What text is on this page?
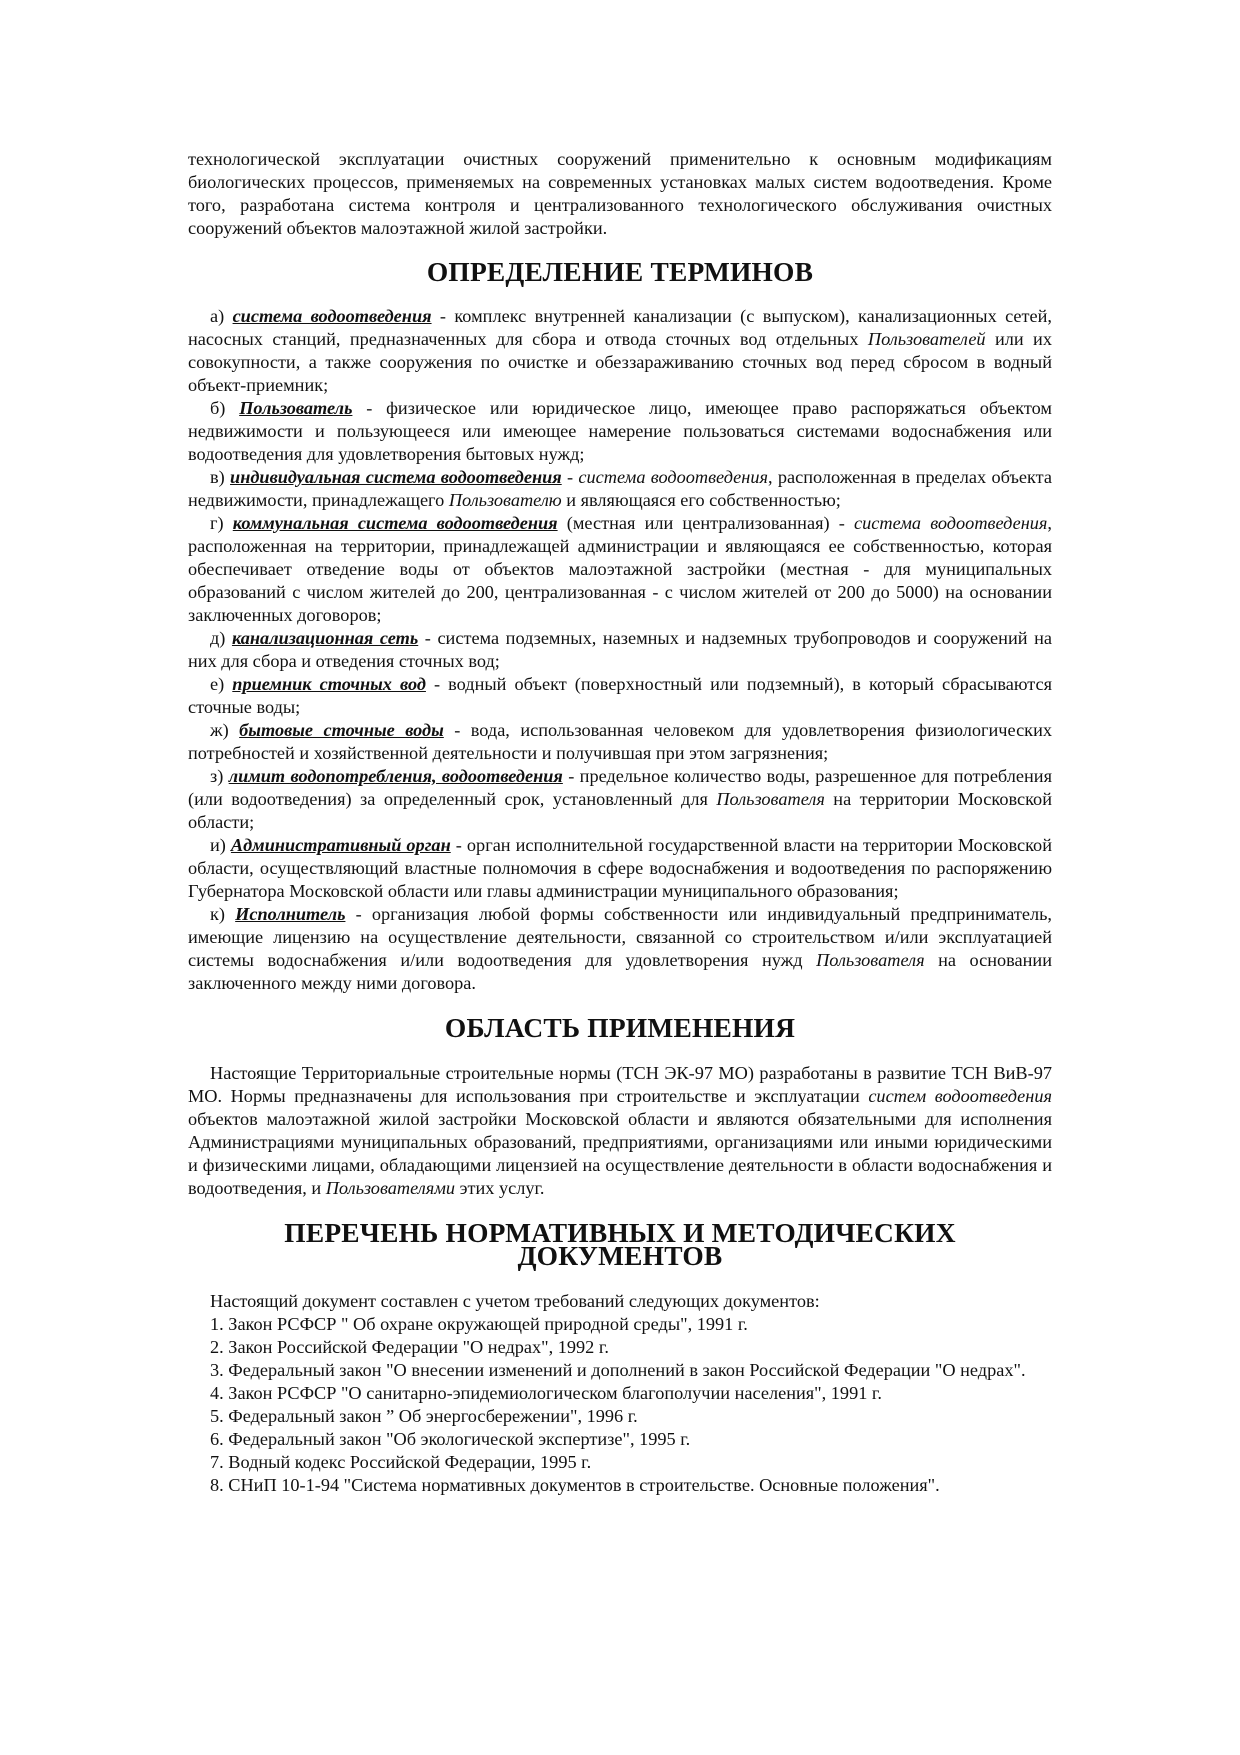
технологической эксплуатации очистных сооружений применительно к основным модификациям биологических процессов, применяемых на современных установках малых систем водоотведения. Кроме того, разработана система контроля и централизованного технологического обслуживания очистных сооружений объектов малоэтажной жилой застройки.

ОПРЕДЕЛЕНИЕ ТЕРМИНОВ

а) система водоотведения - комплекс внутренней канализации (с выпуском), канализационных сетей, насосных станций, предназначенных для сбора и отвода сточных вод отдельных Пользователей или их совокупности, а также сооружения по очистке и обеззараживанию сточных вод перед сбросом в водный объект-приемник;

б) Пользователь - физическое или юридическое лицо, имеющее право распоряжаться объектом недвижимости и пользующееся или имеющее намерение пользоваться системами водоснабжения или водоотведения для удовлетворения бытовых нужд;

в) индивидуальная система водоотведения - система водоотведения, расположенная в пределах объекта недвижимости, принадлежащего Пользователю и являющаяся его собственностью;

г) коммунальная система водоотведения (местная или централизованная) - система водоотведения, расположенная на территории, принадлежащей администрации и являющаяся ее собственностью, которая обеспечивает отведение воды от объектов малоэтажной застройки (местная - для муниципальных образований с числом жителей до 200, централизованная - с числом жителей от 200 до 5000) на основании заключенных договоров;

д) канализационная сеть - система подземных, наземных и надземных трубопроводов и сооружений на них для сбора и отведения сточных вод;

е) приемник сточных вод - водный объект (поверхностный или подземный), в который сбрасываются сточные воды;

ж) бытовые сточные воды - вода, использованная человеком для удовлетворения физиологических потребностей и хозяйственной деятельности и получившая при этом загрязнения;

з) лимит водопотребления, водоотведения - предельное количество воды, разрешенное для потребления (или водоотведения) за определенный срок, установленный для Пользователя на территории Московской области;

и) Административный орган - орган исполнительной государственной власти на территории Московской области, осуществляющий властные полномочия в сфере водоснабжения и водоотведения по распоряжению Губернатора Московской области или главы администрации муниципального образования;

к) Исполнитель - организация любой формы собственности или индивидуальный предприниматель, имеющие лицензию на осуществление деятельности, связанной со строительством и/или эксплуатацией системы водоснабжения и/или водоотведения для удовлетворения нужд Пользователя на основании заключенного между ними договора.

ОБЛАСТЬ ПРИМЕНЕНИЯ

Настоящие Территориальные строительные нормы (ТСН ЭК-97 МО) разработаны в развитие ТСН ВиВ-97 МО. Нормы предназначены для использования при строительстве и эксплуатации систем водоотведения объектов малоэтажной жилой застройки Московской области и являются обязательными для исполнения Администрациями муниципальных образований, предприятиями, организациями или иными юридическими и физическими лицами, обладающими лицензией на осуществление деятельности в области водоснабжения и водоотведения, и Пользователями этих услуг.

ПЕРЕЧЕНЬ НОРМАТИВНЫХ И МЕТОДИЧЕСКИХ ДОКУМЕНТОВ

Настоящий документ составлен с учетом требований следующих документов:

1. Закон РСФСР " Об охране окружающей природной среды", 1991 г.

2. Закон Российской Федерации "О недрах", 1992 г.

3. Федеральный закон "О внесении изменений и дополнений в закон Российской Федерации "О недрах".

4. Закон РСФСР "О санитарно-эпидемиологическом благополучии населения", 1991 г.

5. Федеральный закон ” Об энергосбережении", 1996 г.

6. Федеральный закон "Об экологической экспертизе", 1995 г.

7. Водный кодекс Российской Федерации, 1995 г.

8. СНиП 10-1-94 "Система нормативных документов в строительстве. Основные положения".
